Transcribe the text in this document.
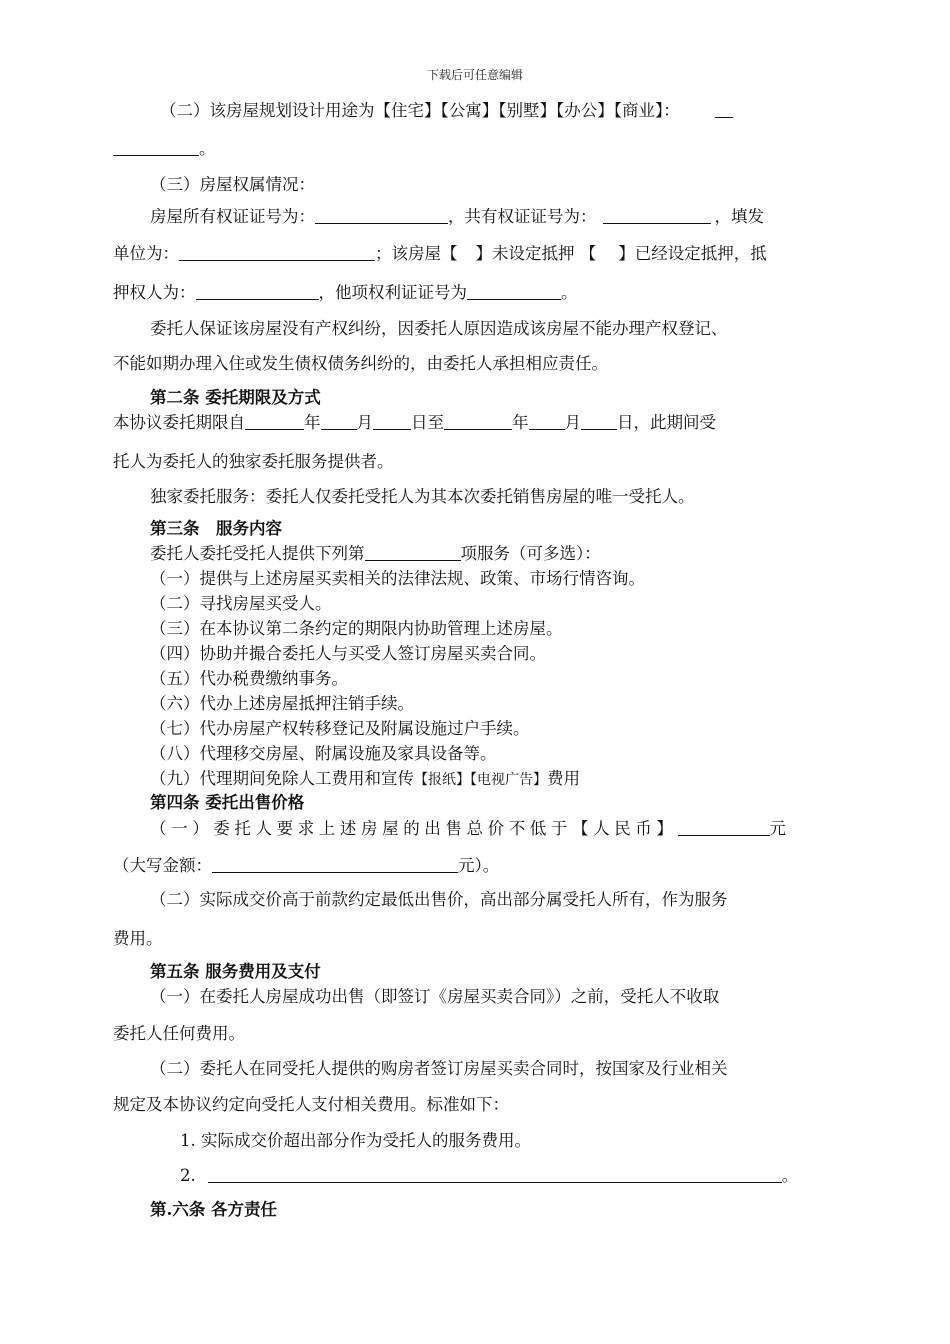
下载后可任意编辑
（二）该房屋规划设计用途为【住宅】【公寓】【别墅】【办公】【商业】：
。
（三）房屋权属情况：
房屋所有权证证号为：	，共有权证证号为：	，填发
单位为：	；该房屋【 】未设定抵押 【 】已经设定抵押，抵
押权人为：	，他项权利证证号为	。
委托人保证该房屋没有产权纠纷，因委托人原因造成该房屋不能办理产权登记、
不能如期办理入住或发生债权债务纠纷的，由委托人承担相应责任。
第二条 委托期限及方式
本协议委托期限自	年 月 日至	年 月 日，此期间受
托人为委托人的独家委托服务提供者。
独家委托服务：委托人仅委托受托人为其本次委托销售房屋的唯一受托人。
第三条　服务内容
委托人委托受托人提供下列第	项服务（可多选）：
（一）提供与上述房屋买卖相关的法律法规、政策、市场行情咨询。
（二）寻找房屋买受人。
（三）在本协议第二条约定的期限内协助管理上述房屋。
（四）协助并撮合委托人与买受人签订房屋买卖合同。
（五）代办税费缴纳事务。
（六）代办上述房屋抵押注销手续。
（七）代办房屋产权转移登记及附属设施过户手续。
（八）代理移交房屋、附属设施及家具设备等。
（九）代理期间免除人工费用和宣传【报纸】【电视广告】费用
第四条 委托出售价格
（一）委托人要求上述房屋的出售总价不低于【人民币】	元
（大写金额：	元）。
（二）实际成交价高于前款约定最低出售价，高出部分属受托人所有，作为服务
费用。
第五条 服务费用及支付
（一）在委托人房屋成功出售（即签订《房屋买卖合同》）之前，受托人不收取
委托人任何费用。
（二）委托人在同受托人提供的购房者签订房屋买卖合同时，按国家及行业相关
规定及本协议约定向受托人支付相关费用。标准如下：
1. 实际成交价超出部分作为受托人的服务费用。
2.	。
第.六条 各方责任
